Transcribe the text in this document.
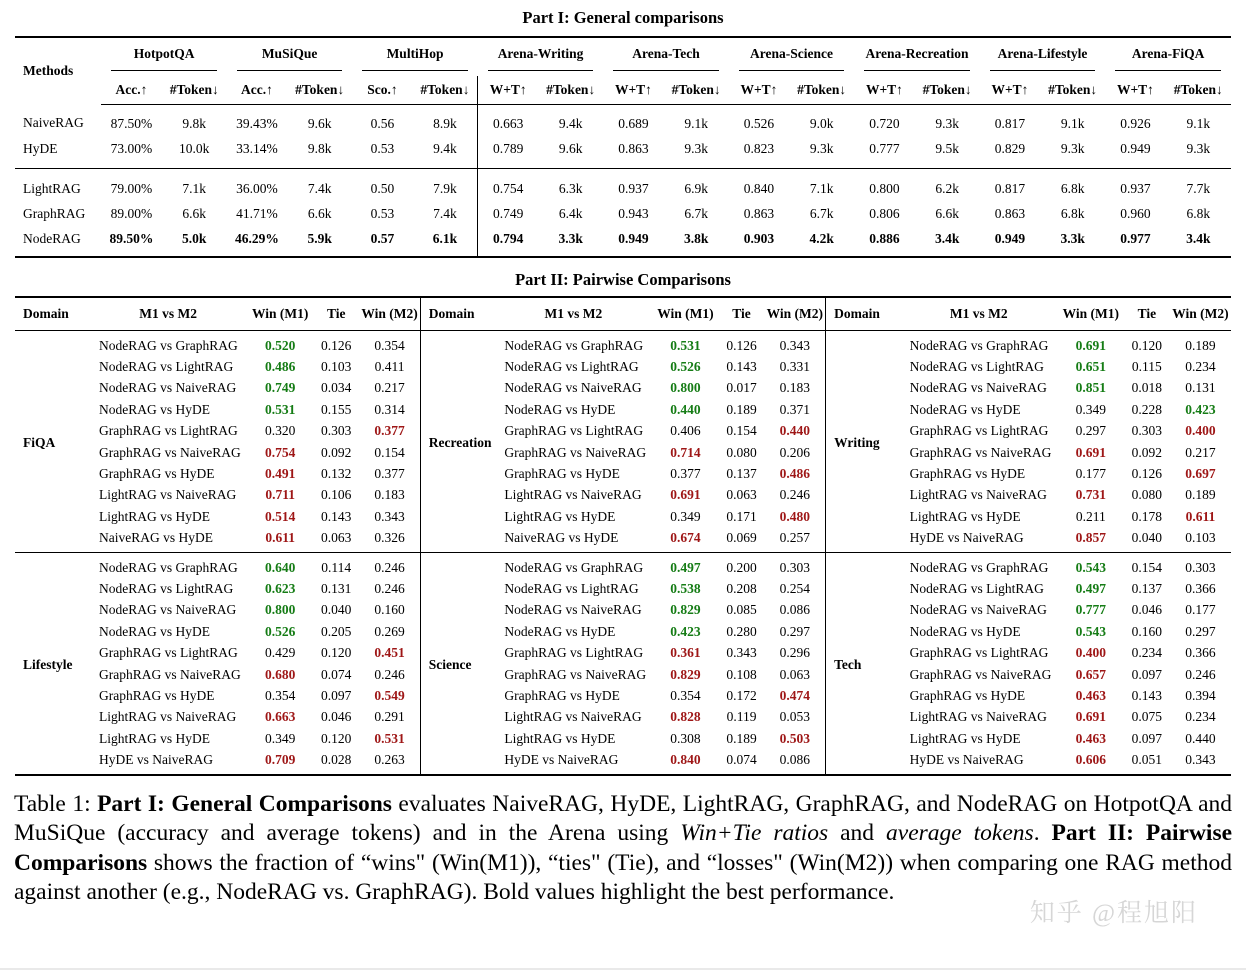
Part I: General comparisons
Methods	HotpotQA		MuSiQue		MultiHop		Arena-Writing		Arena-Tech		Arena-Science		Arena-Recreation		Arena-Lifestyle		Arena-FiQA	
	Acc.↑	#Token↓	Acc.↑	#Token↓	Sco.↑	#Token↓	W+T↑	#Token↓	W+T↑	#Token↓	W+T↑	#Token↓	W+T↑	#Token↓	W+T↑	#Token↓	W+T↑	#Token↓
NaiveRAG	87.50%	9.8k	39.43%	9.6k	0.56	8.9k	0.663	9.4k	0.689	9.1k	0.526	9.0k	0.720	9.3k	0.817	9.1k	0.926	9.1k
HyDE	73.00%	10.0k	33.14%	9.8k	0.53	9.4k	0.789	9.6k	0.863	9.3k	0.823	9.3k	0.777	9.5k	0.829	9.3k	0.949	9.3k
LightRAG	79.00%	7.1k	36.00%	7.4k	0.50	7.9k	0.754	6.3k	0.937	6.9k	0.840	7.1k	0.800	6.2k	0.817	6.8k	0.937	7.7k
GraphRAG	89.00%	6.6k	41.71%	6.6k	0.53	7.4k	0.749	6.4k	0.943	6.7k	0.863	6.7k	0.806	6.6k	0.863	6.8k	0.960	6.8k
NodeRAG	89.50%	5.0k	46.29%	5.9k	0.57	6.1k	0.794	3.3k	0.949	3.8k	0.903	4.2k	0.886	3.4k	0.949	3.3k	0.977	3.4k
Part II: Pairwise Comparisons
Domain	M1 vs M2	Win (M1)	Tie	Win (M2)	Domain	M1 vs M2	Win (M1)	Tie	Win (M2)	Domain	M1 vs M2	Win (M1)	Tie	Win (M2)
FiQA	NodeRAG vs GraphRAG	0.520	0.126	0.354	Recreation	NodeRAG vs GraphRAG	0.531	0.126	0.343	Writing	NodeRAG vs GraphRAG	0.691	0.120	0.189
	NodeRAG vs LightRAG	0.486	0.103	0.411		NodeRAG vs LightRAG	0.526	0.143	0.331		NodeRAG vs LightRAG	0.651	0.115	0.234
	NodeRAG vs NaiveRAG	0.749	0.034	0.217		NodeRAG vs NaiveRAG	0.800	0.017	0.183		NodeRAG vs NaiveRAG	0.851	0.018	0.131
	NodeRAG vs HyDE	0.531	0.155	0.314		NodeRAG vs HyDE	0.440	0.189	0.371		NodeRAG vs HyDE	0.349	0.228	0.423
	GraphRAG vs LightRAG	0.320	0.303	0.377		GraphRAG vs LightRAG	0.406	0.154	0.440		GraphRAG vs LightRAG	0.297	0.303	0.400
	GraphRAG vs NaiveRAG	0.754	0.092	0.154		GraphRAG vs NaiveRAG	0.714	0.080	0.206		GraphRAG vs NaiveRAG	0.691	0.092	0.217
	GraphRAG vs HyDE	0.491	0.132	0.377		GraphRAG vs HyDE	0.377	0.137	0.486		GraphRAG vs HyDE	0.177	0.126	0.697
	LightRAG vs NaiveRAG	0.711	0.106	0.183		LightRAG vs NaiveRAG	0.691	0.063	0.246		LightRAG vs NaiveRAG	0.731	0.080	0.189
	LightRAG vs HyDE	0.514	0.143	0.343		LightRAG vs HyDE	0.349	0.171	0.480		LightRAG vs HyDE	0.211	0.178	0.611
	NaiveRAG vs HyDE	0.611	0.063	0.326		NaiveRAG vs HyDE	0.674	0.069	0.257		HyDE vs NaiveRAG	0.857	0.040	0.103
Lifestyle	NodeRAG vs GraphRAG	0.640	0.114	0.246	Science	NodeRAG vs GraphRAG	0.497	0.200	0.303	Tech	NodeRAG vs GraphRAG	0.543	0.154	0.303
	NodeRAG vs LightRAG	0.623	0.131	0.246		NodeRAG vs LightRAG	0.538	0.208	0.254		NodeRAG vs LightRAG	0.497	0.137	0.366
	NodeRAG vs NaiveRAG	0.800	0.040	0.160		NodeRAG vs NaiveRAG	0.829	0.085	0.086		NodeRAG vs NaiveRAG	0.777	0.046	0.177
	NodeRAG vs HyDE	0.526	0.205	0.269		NodeRAG vs HyDE	0.423	0.280	0.297		NodeRAG vs HyDE	0.543	0.160	0.297
	GraphRAG vs LightRAG	0.429	0.120	0.451		GraphRAG vs LightRAG	0.361	0.343	0.296		GraphRAG vs LightRAG	0.400	0.234	0.366
	GraphRAG vs NaiveRAG	0.680	0.074	0.246		GraphRAG vs NaiveRAG	0.829	0.108	0.063		GraphRAG vs NaiveRAG	0.657	0.097	0.246
	GraphRAG vs HyDE	0.354	0.097	0.549		GraphRAG vs HyDE	0.354	0.172	0.474		GraphRAG vs HyDE	0.463	0.143	0.394
	LightRAG vs NaiveRAG	0.663	0.046	0.291		LightRAG vs NaiveRAG	0.828	0.119	0.053		LightRAG vs NaiveRAG	0.691	0.075	0.234
	LightRAG vs HyDE	0.349	0.120	0.531		LightRAG vs HyDE	0.308	0.189	0.503		LightRAG vs HyDE	0.463	0.097	0.440
	HyDE vs NaiveRAG	0.709	0.028	0.263		HyDE vs NaiveRAG	0.840	0.074	0.086		HyDE vs NaiveRAG	0.606	0.051	0.343

Table 1: Part I: General Comparisons evaluates NaiveRAG, HyDE, LightRAG, GraphRAG, and NodeRAG on HotpotQA and MuSiQue (accuracy and average tokens) and in the Arena using Win+Tie ratios and average tokens. Part II: Pairwise Comparisons shows the fraction of “wins" (Win(M1)), “ties" (Tie), and “losses" (Win(M2)) when comparing one RAG method against another (e.g., NodeRAG vs. GraphRAG). Bold values highlight the best performance.

知乎 @程旭阳
